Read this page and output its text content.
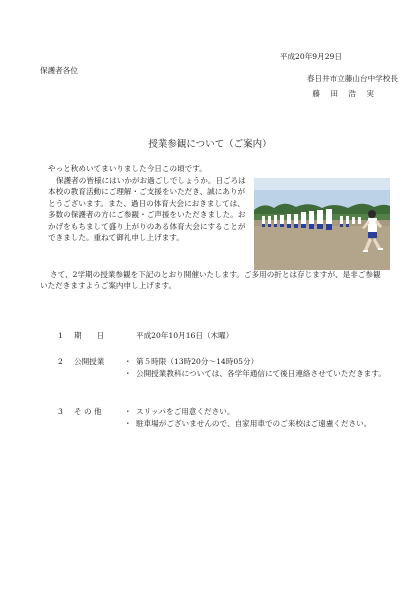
平成20年9月29日
保護者各位
春日井市立藤山台中学校長
藤 田 浩 実
授業参観について（ご案内）
やっと秋めいてまいりました今日この頃です。
保護者の皆様にはいかがお過ごしでしょうか。日ごろは本校の教育活動にご理解・ご支援をいただき、誠にありがとうございます。また、過日の体育大会におきましては、多数の保護者の方にご参観・ご声援をいただきました。おかげをもちまして盛り上がりのある体育大会にすることができました。重ねて御礼申し上げます。
さて、2学期の授業参観を下記のとおり開催いたします。ご多用の折とは存じますが、是非ご参観いただきますようご案内申し上げます。
1 期　　日	平成20年10月16日（木曜）
2 公開授業	・ 第５時限（13時20分～14時05分）
・ 公開授業教科については、各学年通信にて後日連絡させていただきます。
3 そ の 他	・ スリッパをご用意ください。
・ 駐車場がございませんので、自家用車でのご来校はご遠慮ください。
